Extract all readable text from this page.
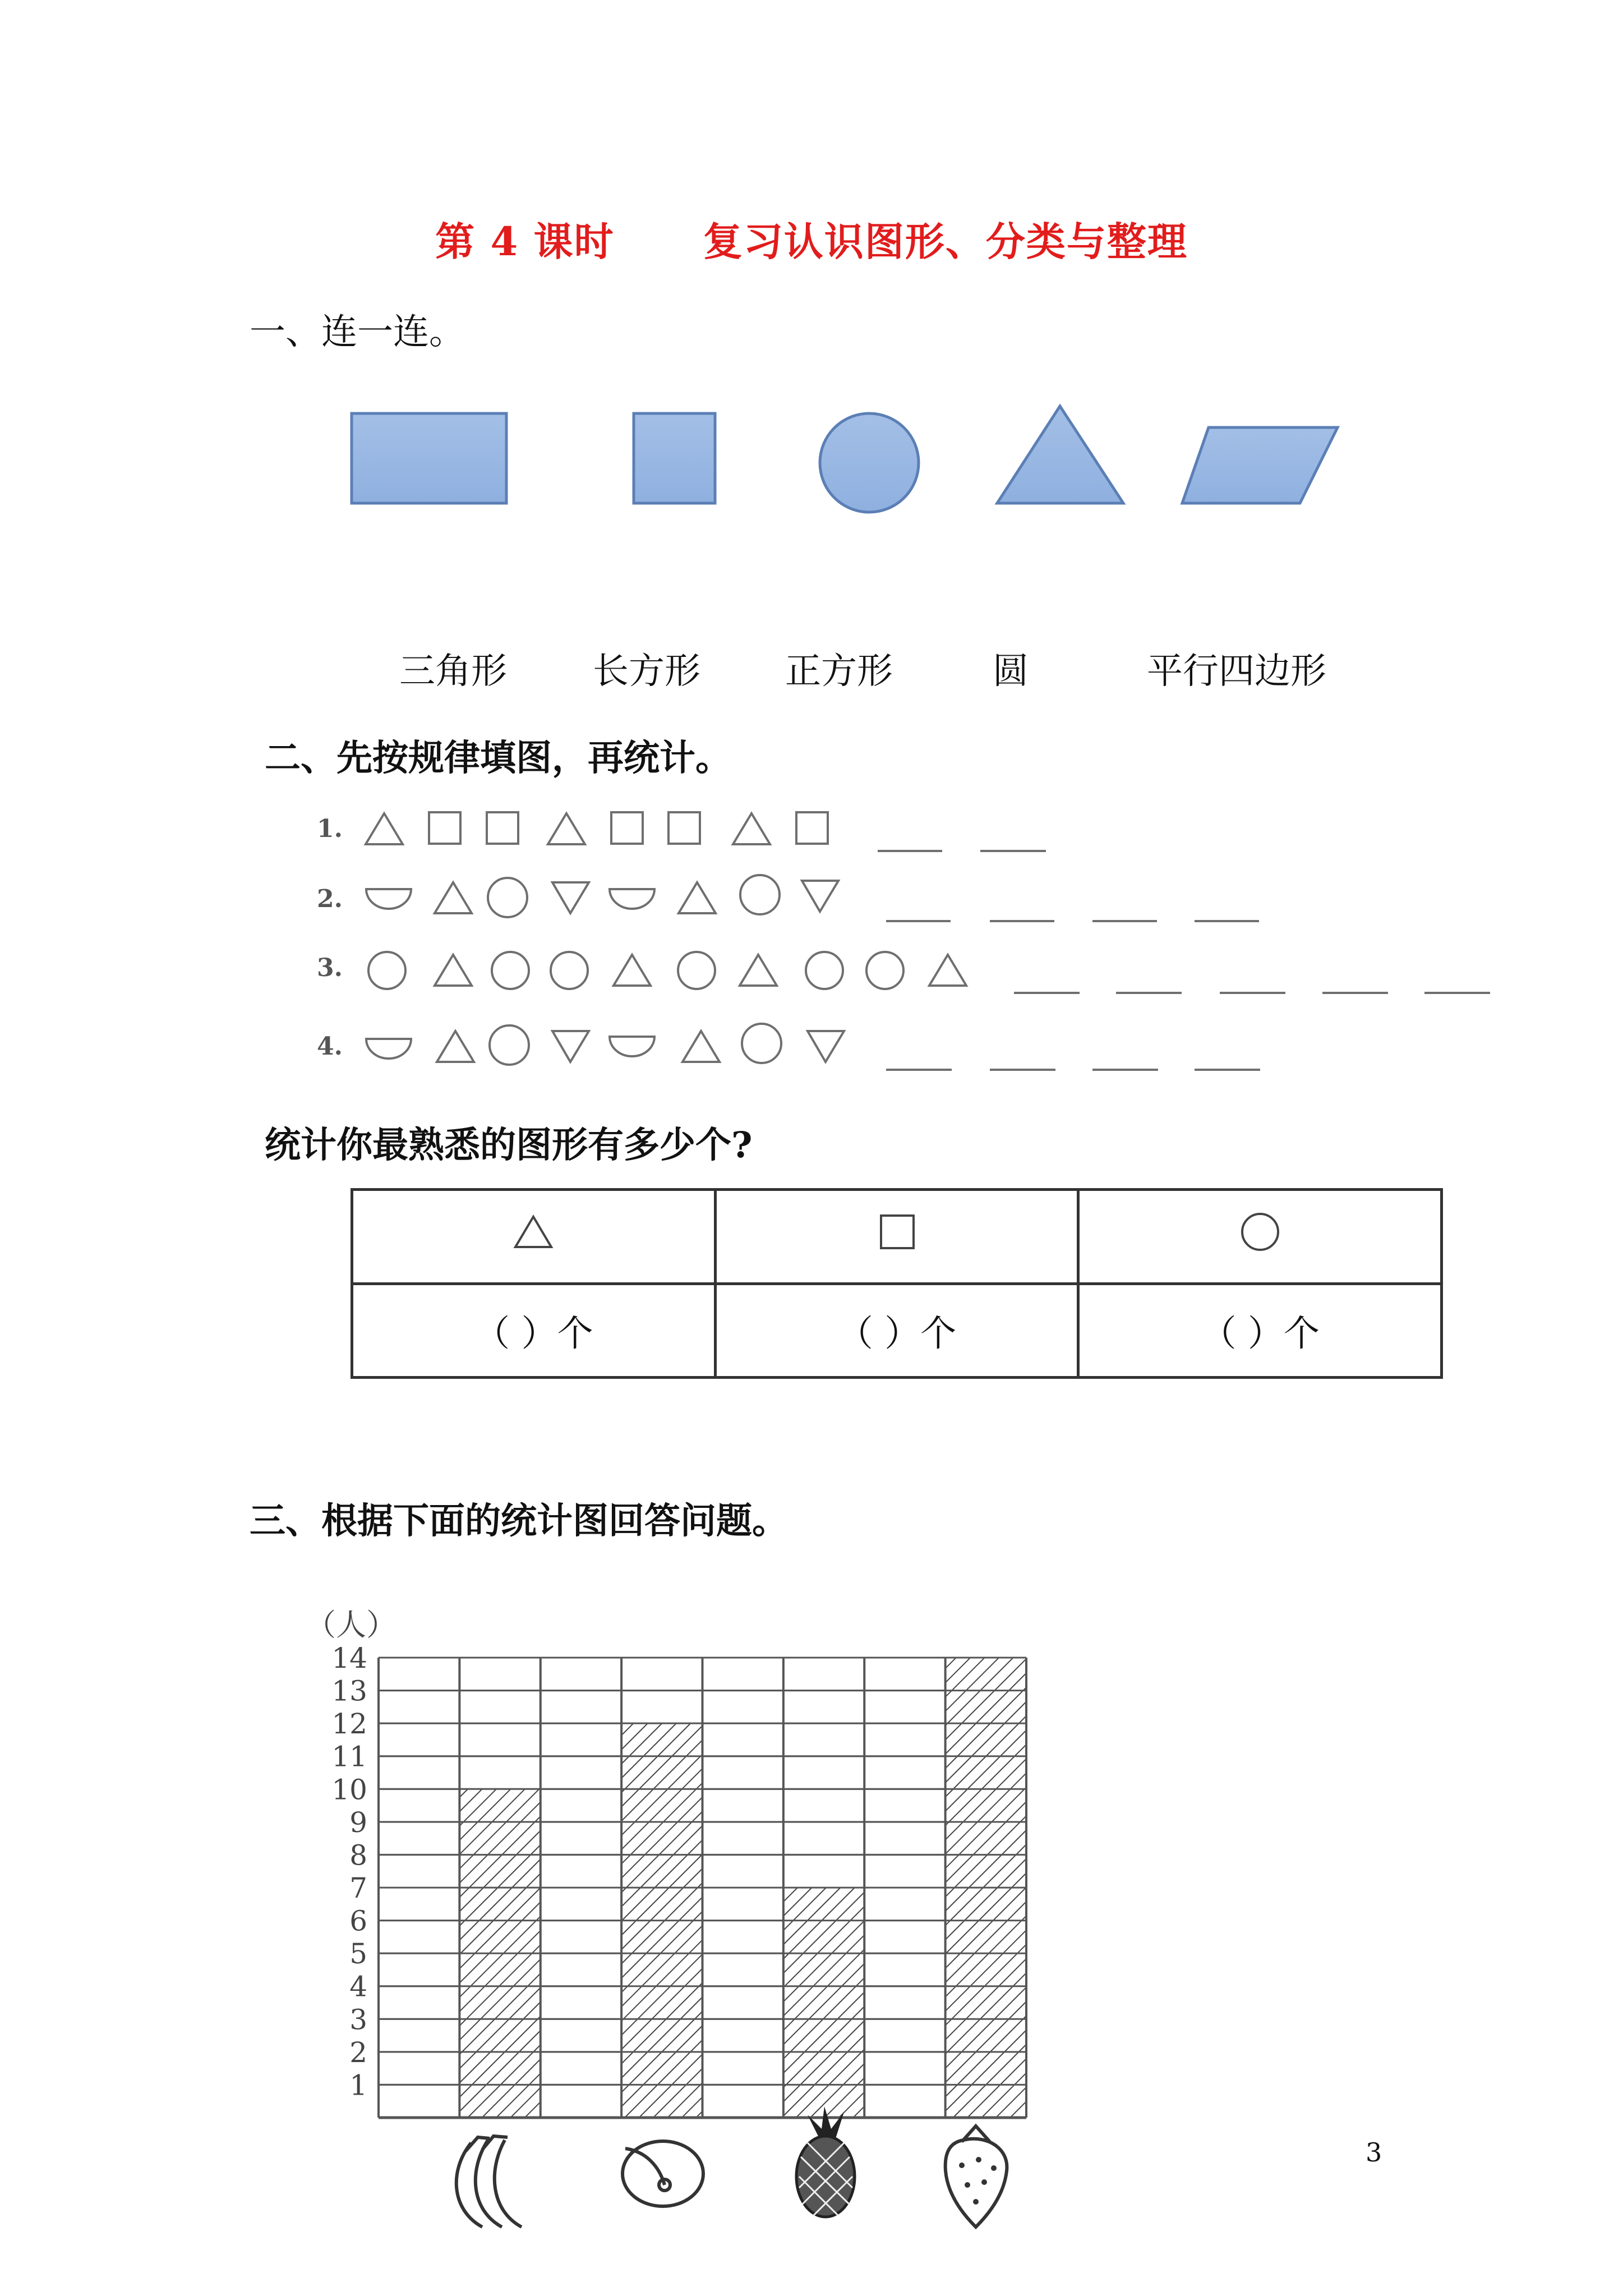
第 4 课时      复习认识图形、分类与整理
一、连一连。
三角形 长方形 正方形	圆	平行四边形
二、先按规律填图，再统计。
1.
2.
3.
4.
统计你最熟悉的图形有多少个?

（ ）个	（ ）个	（ ）个
三、根据下面的统计图回答问题。
1
2
3
4
5
6
7
8
9
10
11
12
13
14
（人）
3
